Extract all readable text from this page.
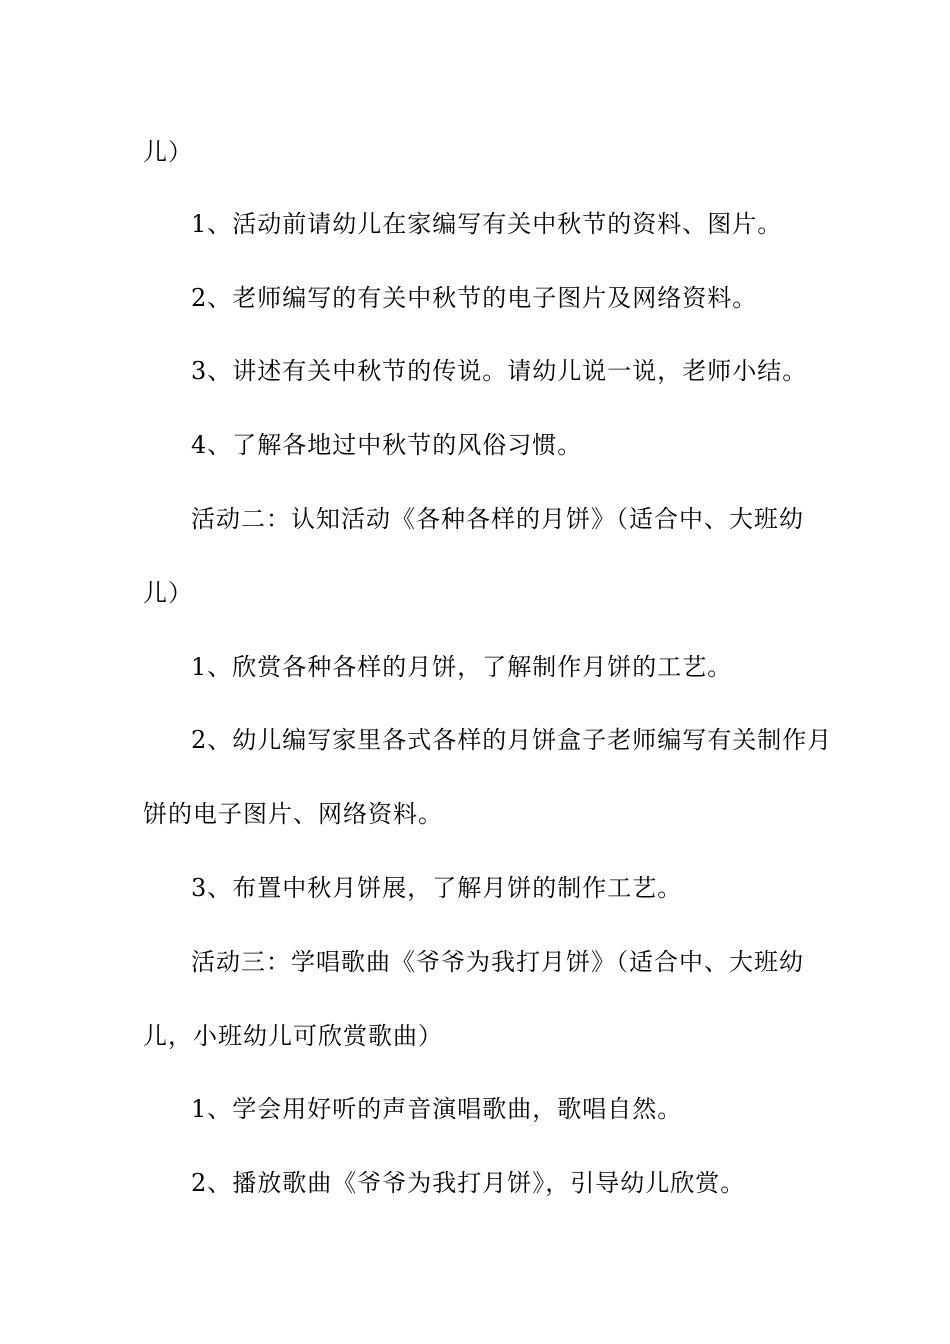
儿）
1、活动前请幼儿在家编写有关中秋节的资料、图片。
2、老师编写的有关中秋节的电子图片及网络资料。
3、讲述有关中秋节的传说。请幼儿说一说，老师小结。
4、了解各地过中秋节的风俗习惯。
活动二：认知活动《各种各样的月饼》（适合中、大班幼
儿）
1、欣赏各种各样的月饼，了解制作月饼的工艺。
2、幼儿编写家里各式各样的月饼盒子老师编写有关制作月
饼的电子图片、网络资料。
3、布置中秋月饼展，了解月饼的制作工艺。
活动三：学唱歌曲《爷爷为我打月饼》（适合中、大班幼
儿，小班幼儿可欣赏歌曲）
1、学会用好听的声音演唱歌曲，歌唱自然。
2、播放歌曲《爷爷为我打月饼》，引导幼儿欣赏。
